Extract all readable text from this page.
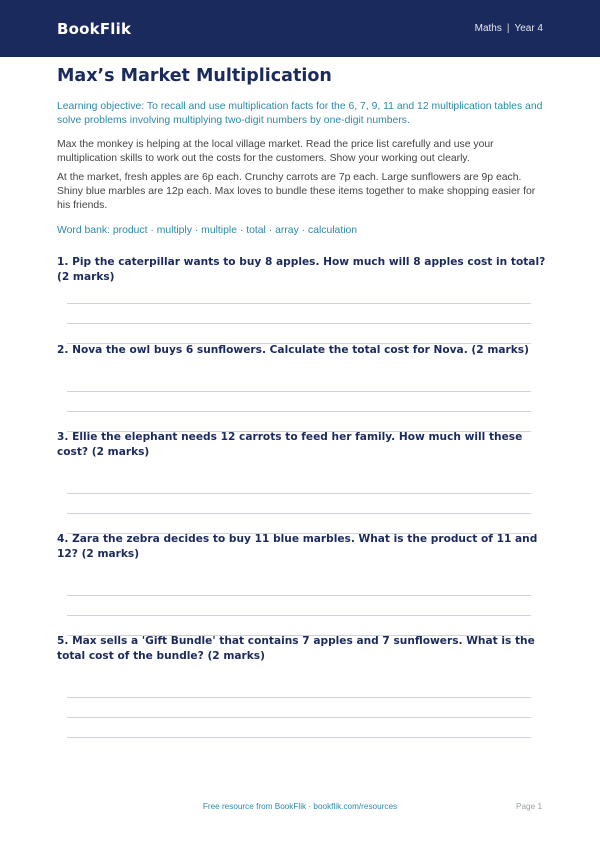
BookFlik	Maths | Year 4
Max’s Market Multiplication

Learning objective: To recall and use multiplication facts for the 6, 7, 9, 11 and 12 multiplication tables and solve problems involving multiplying two-digit numbers by one-digit numbers.

Max the monkey is helping at the local village market. Read the price list carefully and use your multiplication skills to work out the costs for the customers. Show your working out clearly.

At the market, fresh apples are 6p each. Crunchy carrots are 7p each. Large sunflowers are 9p each. Shiny blue marbles are 12p each. Max loves to bundle these items together to make shopping easier for his friends.

Word bank: product · multiply · multiple · total · array · calculation

1. Pip the caterpillar wants to buy 8 apples. How much will 8 apples cost in total? (2 marks)
2. Nova the owl buys 6 sunflowers. Calculate the total cost for Nova. (2 marks)
3. Ellie the elephant needs 12 carrots to feed her family. How much will these cost? (2 marks)
4. Zara the zebra decides to buy 11 blue marbles. What is the product of 11 and 12? (2 marks)
5. Max sells a 'Gift Bundle' that contains 7 apples and 7 sunflowers. What is the total cost of the bundle? (2 marks)
Free resource from BookFlik · bookflik.com/resources	Page 1
